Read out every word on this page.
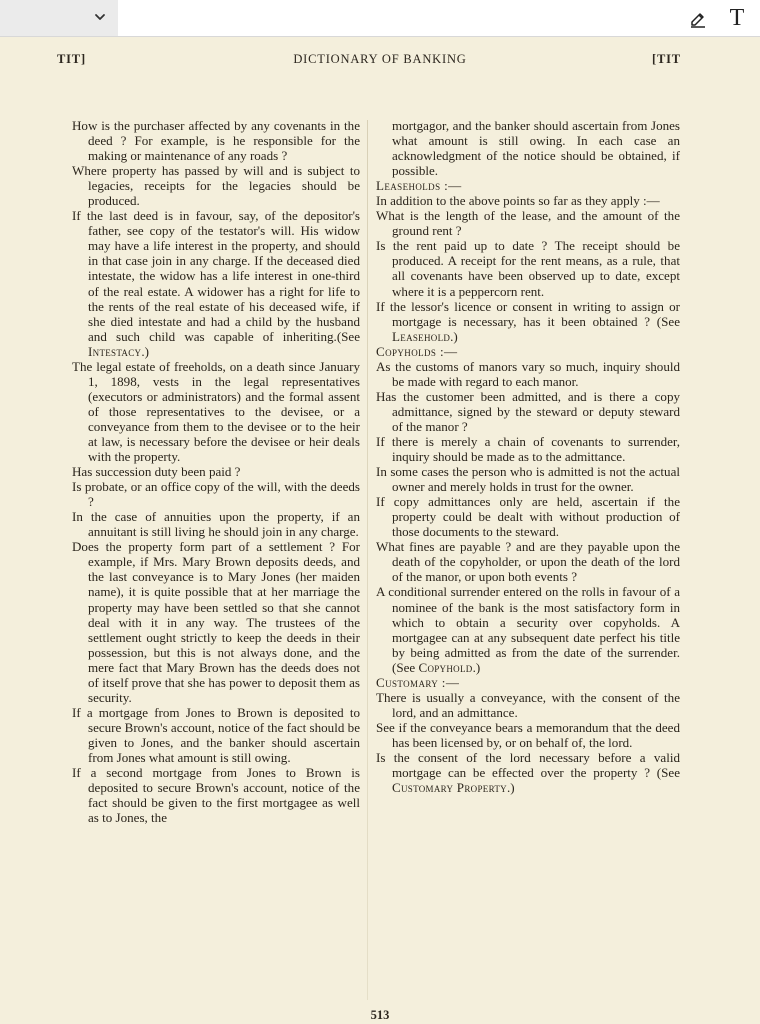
T
TIT]	DICTIONARY OF BANKING	[TIT

How is the purchaser affected by any covenants in the deed ? For example, is he responsible for the making or maintenance of any roads ?

Where property has passed by will and is subject to legacies, receipts for the legacies should be produced.

If the last deed is in favour, say, of the depositor's father, see copy of the testator's will. His widow may have a life interest in the property, and should in that case join in any charge. If the deceased died intestate, the widow has a life interest in one-third of the real estate. A widower has a right for life to the rents of the real estate of his deceased wife, if she died intestate and had a child by the husband and such child was capable of inheriting.(See Intestacy.)

The legal estate of freeholds, on a death since January 1, 1898, vests in the legal representatives (executors or administrators) and the formal assent of those representatives to the devisee, or a conveyance from them to the devisee or to the heir at law, is necessary before the devisee or heir deals with the property.

Has succession duty been paid ?

Is probate, or an office copy of the will, with the deeds ?

In the case of annuities upon the property, if an annuitant is still living he should join in any charge.

Does the property form part of a settlement ? For example, if Mrs. Mary Brown deposits deeds, and the last conveyance is to Mary Jones (her maiden name), it is quite possible that at her marriage the property may have been settled so that she cannot deal with it in any way. The trustees of the settlement ought strictly to keep the deeds in their possession, but this is not always done, and the mere fact that Mary Brown has the deeds does not of itself prove that she has power to deposit them as security.

If a mortgage from Jones to Brown is deposited to secure Brown's account, notice of the fact should be given to Jones, and the banker should ascertain from Jones what amount is still owing.

If a second mortgage from Jones to Brown is deposited to secure Brown's account, notice of the fact should be given to the first mortgagee as well as to Jones, the

mortgagor, and the banker should ascertain from Jones what amount is still owing. In each case an acknowledgment of the notice should be obtained, if possible.

Leaseholds :—

In addition to the above points so far as they apply :—

What is the length of the lease, and the amount of the ground rent ?

Is the rent paid up to date ? The receipt should be produced. A receipt for the rent means, as a rule, that all covenants have been observed up to date, except where it is a peppercorn rent.

If the lessor's licence or consent in writing to assign or mortgage is necessary, has it been obtained ? (See Leasehold.)

Copyholds :—

As the customs of manors vary so much, inquiry should be made with regard to each manor.

Has the customer been admitted, and is there a copy admittance, signed by the steward or deputy steward of the manor ?

If there is merely a chain of covenants to surrender, inquiry should be made as to the admittance.

In some cases the person who is admitted is not the actual owner and merely holds in trust for the owner.

If copy admittances only are held, ascertain if the property could be dealt with without production of those documents to the steward.

What fines are payable ? and are they payable upon the death of the copyholder, or upon the death of the lord of the manor, or upon both events ?

A conditional surrender entered on the rolls in favour of a nominee of the bank is the most satisfactory form in which to obtain a security over copyholds. A mortgagee can at any subsequent date perfect his title by being admitted as from the date of the surrender. (See Copyhold.)

Customary :—

There is usually a conveyance, with the consent of the lord, and an admittance.

See if the conveyance bears a memorandum that the deed has been licensed by, or on behalf of, the lord.

Is the consent of the lord necessary before a valid mortgage can be effected over the property ? (See Customary Property.)

513
